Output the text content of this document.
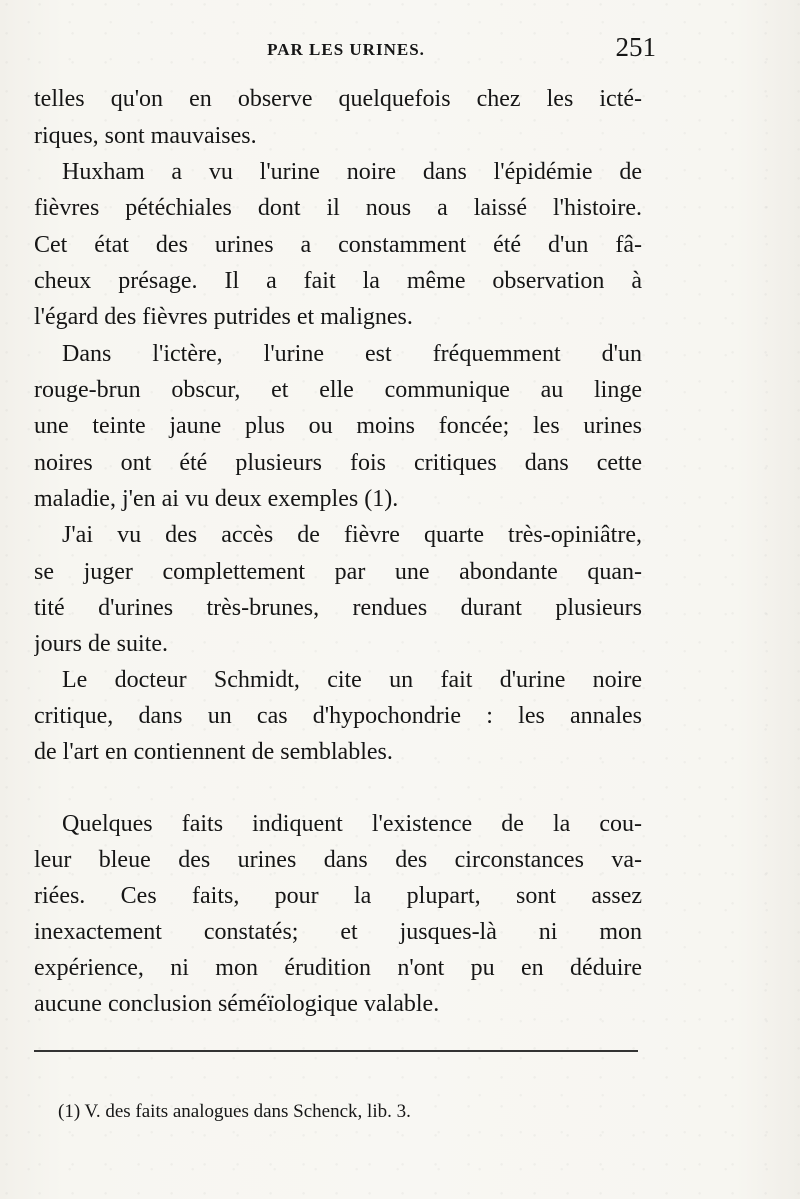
PAR LES URINES.	251
telles qu'on en observe quelquefois chez les icté-
riques, sont mauvaises.
Huxham a vu l'urine noire dans l'épidémie de
fièvres pétéchiales dont il nous a laissé l'histoire.
Cet état des urines a constamment été d'un fâ-
cheux présage. Il a fait la même observation à
l'égard des fièvres putrides et malignes.
Dans l'ictère, l'urine est fréquemment d'un
rouge-brun obscur, et elle communique au linge
une teinte jaune plus ou moins foncée; les urines
noires ont été plusieurs fois critiques dans cette
maladie, j'en ai vu deux exemples (1).
J'ai vu des accès de fièvre quarte très-opiniâtre,
se juger complettement par une abondante quan-
tité d'urines très-brunes, rendues durant plusieurs
jours de suite.
Le docteur Schmidt, cite un fait d'urine noire
critique, dans un cas d'hypochondrie : les annales
de l'art en contiennent de semblables.
Quelques faits indiquent l'existence de la cou-
leur bleue des urines dans des circonstances va-
riées. Ces faits, pour la plupart, sont assez
inexactement constatés; et jusques-là ni mon
expérience, ni mon érudition n'ont pu en déduire
aucune conclusion séméïologique valable.
(1) V. des faits analogues dans Schenck, lib. 3.
